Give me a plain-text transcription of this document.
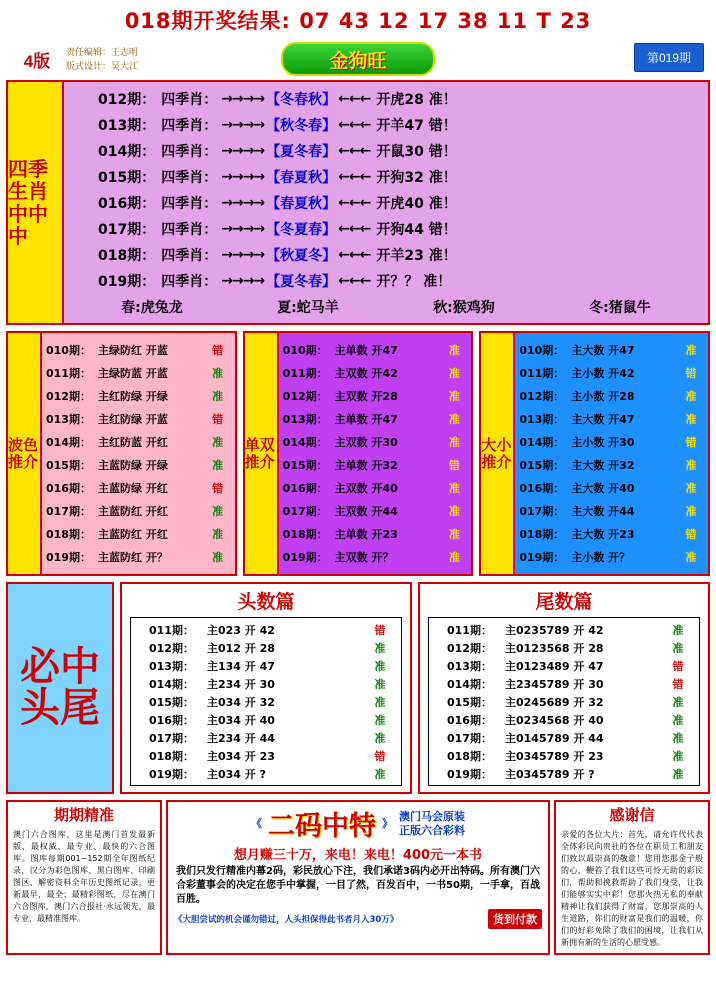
018期开奖结果: 07 43 12 17 38 11 T 23
4版	责任编辑：王志明
版式设计：吴大江	金狗旺	第019期
四季生肖中中中
012期： 四季肖： →→→→ 【冬春秋】 ←←← 开虎28 准！
013期： 四季肖： →→→→ 【秋冬春】 ←←← 开羊47 错！
014期： 四季肖： →→→→ 【夏冬春】 ←←← 开鼠30 错！
015期： 四季肖： →→→→ 【春夏秋】 ←←← 开狗32 准！
016期： 四季肖： →→→→ 【春夏秋】 ←←← 开虎40 准！
017期： 四季肖： →→→→ 【冬夏春】 ←←← 开狗44 错！
018期： 四季肖： →→→→ 【秋夏冬】 ←←← 开羊23 准！
019期： 四季肖： →→→→ 【夏冬春】 ←←← 开？？ 准！
春:虎兔龙	夏:蛇马羊	秋:猴鸡狗	冬:猪鼠牛
波色推介
010期： 主绿防红 开蓝	错
011期： 主绿防蓝 开蓝	准
012期： 主红防绿 开绿	准
013期： 主红防绿 开蓝	错
014期： 主红防蓝 开红	准
015期： 主蓝防绿 开绿	准
016期： 主蓝防绿 开红	错
017期： 主蓝防红 开红	准
018期： 主蓝防红 开红	准
019期： 主蓝防红 开？	准
单双推介
010期： 主单数 开47	准
011期： 主双数 开42	准
012期： 主双数 开28	准
013期： 主单数 开47	准
014期： 主双数 开30	准
015期： 主单数 开32	错
016期： 主双数 开40	准
017期： 主双数 开44	准
018期： 主单数 开23	准
019期： 主双数 开？	准
大小推介
010期： 主大数 开47	准
011期： 主小数 开42	错
012期： 主小数 开28	准
013期： 主大数 开47	准
014期： 主小数 开30	错
015期： 主大数 开32	准
016期： 主大数 开40	准
017期： 主大数 开44	准
018期： 主大数 开23	错
019期： 主小数 开？	准
必中头尾
头数篇
011期：	主023 开 42	错
012期：	主012 开 28	准
013期：	主134 开 47	准
014期：	主234 开 30	准
015期：	主034 开 32	准
016期：	主034 开 40	准
017期：	主234 开 44	准
018期：	主034 开 23	错
019期：	主034 开 ?	准
尾数篇
011期：	主0235789 开 42	准
012期：	主0123568 开 28	准
013期：	主0123489 开 47	错
014期：	主2345789 开 30	错
015期：	主0245689 开 32	准
016期：	主0234568 开 40	准
017期：	主0145789 开 44	准
018期：	主0345789 开 23	准
019期：	主0345789 开 ?	准
期期精准
澳门六合图库，这里是澳门首发最新版、最权威、最专业、最快的六合图库。图库每期001~152期全年图纸纪录，汉分为彩色图库、黑白图库、印刷图区、解密资料全年历史图纸记录，更新最早，最全；最精彩图纸，尽在澳门六合图库，澳门六合报社·永远领先，最专业，最精准图库。
《 二码中特 》
澳门马会原装
正版六合彩料
想月赚三十万，来电！来电！400元一本书
我们只发行精准内幕2码，彩民放心下注，我们承诺3码内必开出特码。所有澳门六合彩董事会的决定在您手中掌握，一目了然，百发百中，一书50期，一手拿，百战百胜。
《大胆尝试的机会谨勿错过，人头担保得此书者月入30万》	货到付款
感谢信
亲爱的各位大片：首先，请允许代代表全体彩民向贵社的各位在职员工和朋友们致以最崇高的敬意！您用您那金子般的心，鞭笞了我们这些可怜无助的彩民们，帮助和挽救帮助了我们身受，让我们能够实实中彩！您那火热无私的奉献精神让我们获得了财富，您那崇高的人生道路，你们的财富是我们的温暖，你们的好彩免除了我们的困境，让我们从新拥有新的生活的心愿受感。
